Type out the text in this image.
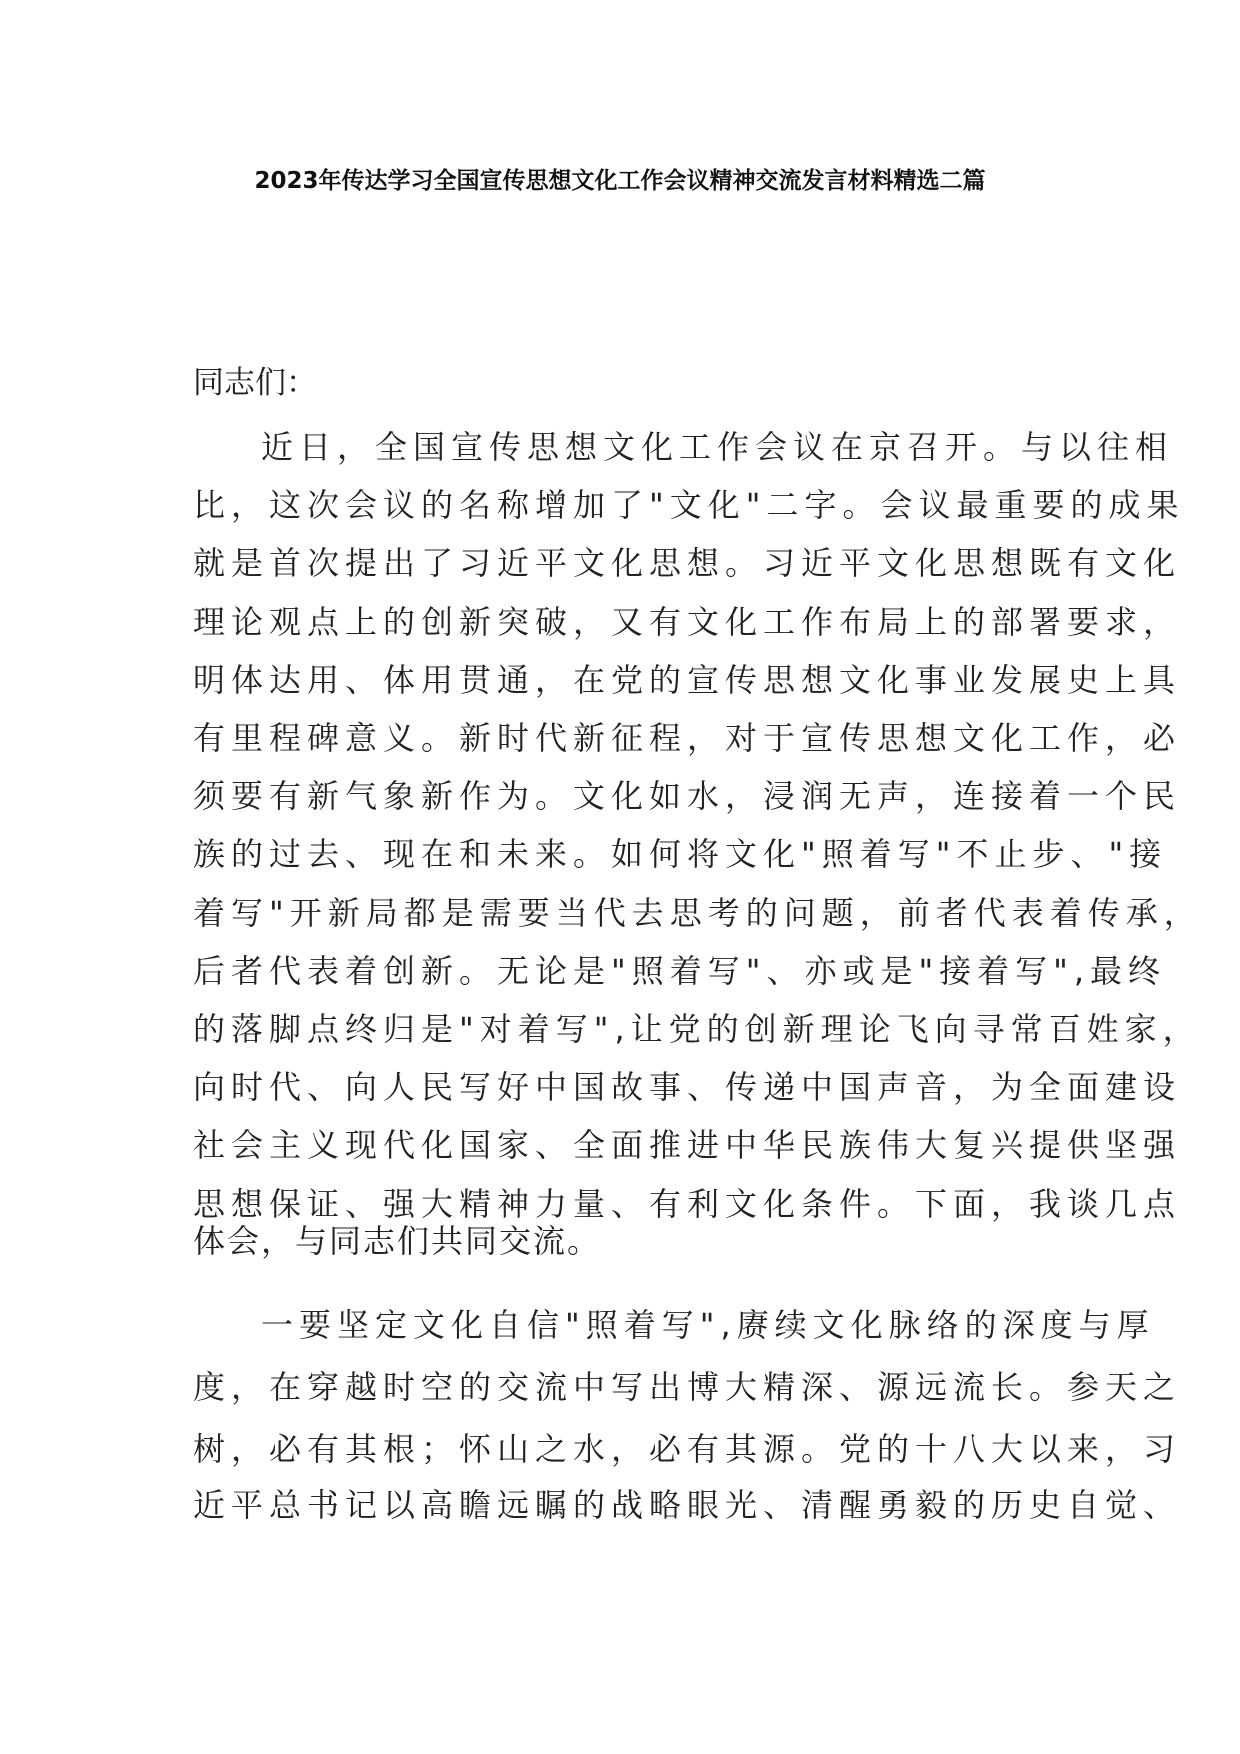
2023年传达学习全国宣传思想文化工作会议精神交流发言材料精选二篇
同志们：
近日，全国宣传思想文化工作会议在京召开。与以往相
比，这次会议的名称增加了"文化"二字。会议最重要的成果
就是首次提出了习近平文化思想。习近平文化思想既有文化
理论观点上的创新突破，又有文化工作布局上的部署要求，
明体达用、体用贯通，在党的宣传思想文化事业发展史上具
有里程碑意义。新时代新征程，对于宣传思想文化工作，必
须要有新气象新作为。文化如水，浸润无声，连接着一个民
族的过去、现在和未来。如何将文化"照着写"不止步、"接
着写"开新局都是需要当代去思考的问题，前者代表着传承，
后者代表着创新。无论是"照着写"、亦或是"接着写",最终
的落脚点终归是"对着写",让党的创新理论飞向寻常百姓家，
向时代、向人民写好中国故事、传递中国声音，为全面建设
社会主义现代化国家、全面推进中华民族伟大复兴提供坚强
思想保证、强大精神力量、有利文化条件。下面，我谈几点
体会，与同志们共同交流。
一要坚定文化自信"照着写",赓续文化脉络的深度与厚
度，在穿越时空的交流中写出博大精深、源远流长。参天之
树，必有其根；怀山之水，必有其源。党的十八大以来，习
近平总书记以高瞻远瞩的战略眼光、清醒勇毅的历史自觉、
